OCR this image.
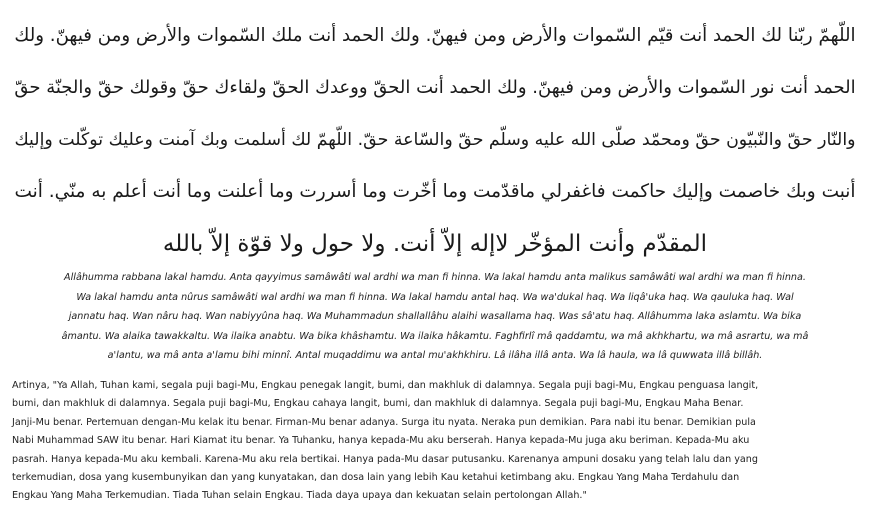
اللّهمّ ربّنا لك الحمد أنت قيّم السّموات والأرض ومن فيهنّ. ولك الحمد أنت ملك السّموات والأرض ومن فيهنّ. ولك
الحمد أنت نور السّموات والأرض ومن فيهنّ. ولك الحمد أنت الحقّ ووعدك الحقّ ولقاءك حقّ وقولك حقّ والجنّة حقّ
والنّار حقّ والنّبيّون حقّ ومحمّد صلّى الله عليه وسلّم حقّ والسّاعة حقّ. اللّهمّ لك أسلمت وبك آمنت وعليك توكّلت وإليك
أنبت وبك خاصمت وإليك حاكمت فاغفرلي ماقدّمت وما أخّرت وما أسررت وما أعلنت وما أنت أعلم به منّي. أنت
المقدّم وأنت المؤخّر لاإله إلاّ أنت. ولا حول ولا قوّة إلاّ بالله
Allâhumma rabbana lakal hamdu. Anta qayyimus samâwâti wal ardhi wa man fi hinna. Wa lakal hamdu anta malikus samâwâti wal ardhi wa man fi hinna.
Wa lakal hamdu anta nûrus samâwâti wal ardhi wa man fi hinna. Wa lakal hamdu antal haq. Wa wa'dukal haq. Wa liqâ'uka haq. Wa qauluka haq. Wal
jannatu haq. Wan nâru haq. Wan nabiyyûna haq. Wa Muhammadun shallallâhu alaihi wasallama haq. Was sâ'atu haq. Allâhumma laka aslamtu. Wa bika
âmantu. Wa alaika tawakkaltu. Wa ilaika anabtu. Wa bika khâshamtu. Wa ilaika hâkamtu. Faghfirlî mâ qaddamtu, wa mâ akhkhartu, wa mâ asrartu, wa mâ
a'lantu, wa mâ anta a'lamu bihi minnî. Antal muqaddimu wa antal mu'akhkhiru. Lâ ilâha illâ anta. Wa lâ haula, wa lâ quwwata illâ billâh.
Artinya, "Ya Allah, Tuhan kami, segala puji bagi-Mu, Engkau penegak langit, bumi, dan makhluk di dalamnya. Segala puji bagi-Mu, Engkau penguasa langit,
bumi, dan makhluk di dalamnya. Segala puji bagi-Mu, Engkau cahaya langit, bumi, dan makhluk di dalamnya. Segala puji bagi-Mu, Engkau Maha Benar.
Janji-Mu benar. Pertemuan dengan-Mu kelak itu benar. Firman-Mu benar adanya. Surga itu nyata. Neraka pun demikian. Para nabi itu benar. Demikian pula
Nabi Muhammad SAW itu benar. Hari Kiamat itu benar. Ya Tuhanku, hanya kepada-Mu aku berserah. Hanya kepada-Mu juga aku beriman. Kepada-Mu aku
pasrah. Hanya kepada-Mu aku kembali. Karena-Mu aku rela bertikai. Hanya pada-Mu dasar putusanku. Karenanya ampuni dosaku yang telah lalu dan yang
terkemudian, dosa yang kusembunyikan dan yang kunyatakan, dan dosa lain yang lebih Kau ketahui ketimbang aku. Engkau Yang Maha Terdahulu dan
Engkau Yang Maha Terkemudian. Tiada Tuhan selain Engkau. Tiada daya upaya dan kekuatan selain pertolongan Allah."
